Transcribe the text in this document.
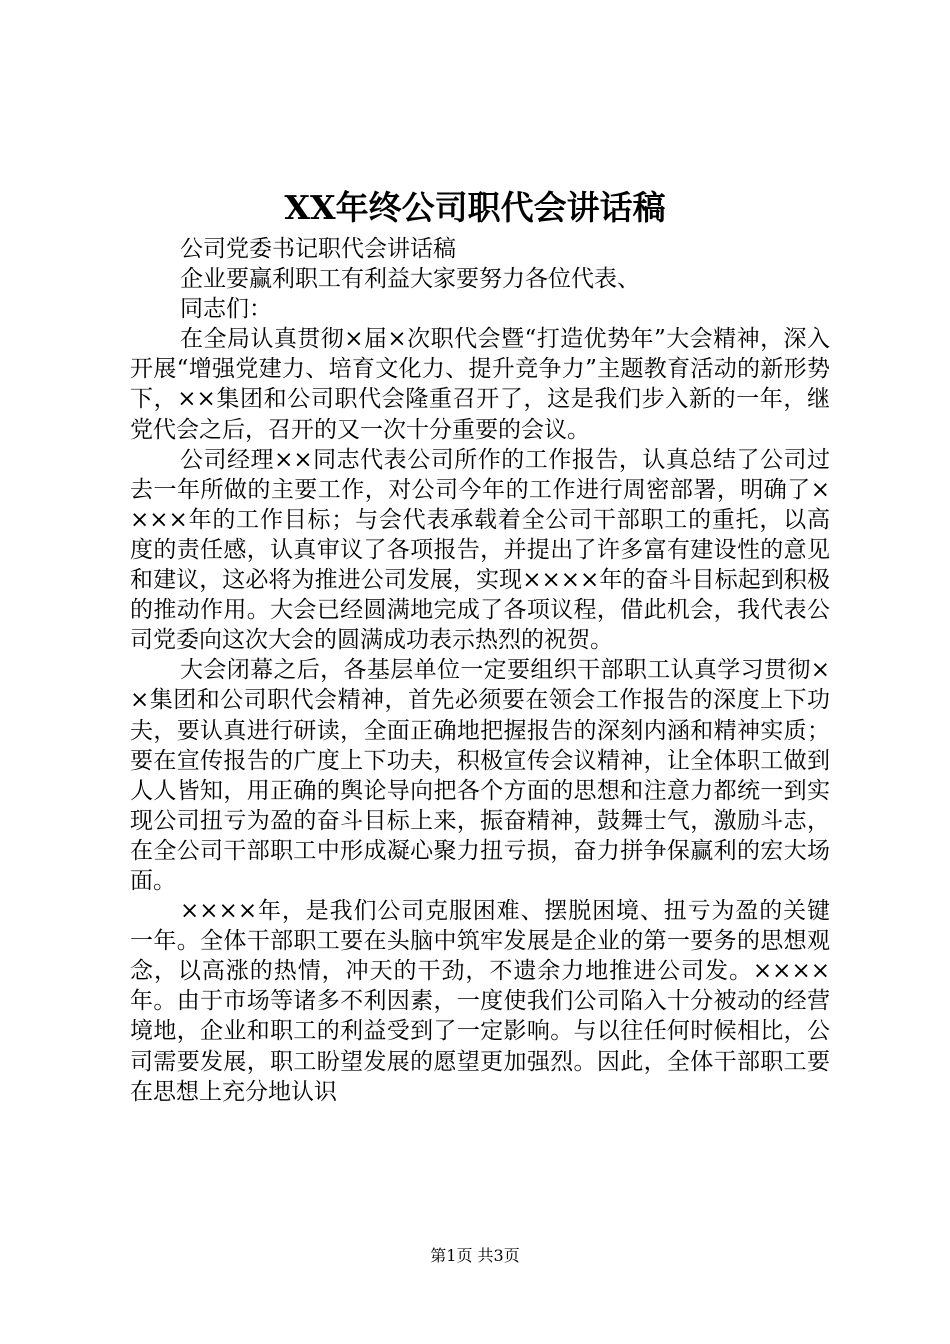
XX年终公司职代会讲话稿

公司党委书记职代会讲话稿

企业要赢利职工有利益大家要努力各位代表、

同志们：

在全局认真贯彻×届×次职代会暨“打造优势年”大会精神，深入开展“增强党建力、培育文化力、提升竞争力”主题教育活动的新形势下，××集团和公司职代会隆重召开了，这是我们步入新的一年，继党代会之后，召开的又一次十分重要的会议。

公司经理××同志代表公司所作的工作报告，认真总结了公司过去一年所做的主要工作，对公司今年的工作进行周密部署，明确了××××年的工作目标；与会代表承载着全公司干部职工的重托，以高度的责任感，认真审议了各项报告，并提出了许多富有建设性的意见和建议，这必将为推进公司发展，实现××××年的奋斗目标起到积极的推动作用。大会已经圆满地完成了各项议程，借此机会，我代表公司党委向这次大会的圆满成功表示热烈的祝贺。

大会闭幕之后，各基层单位一定要组织干部职工认真学习贯彻××集团和公司职代会精神，首先必须要在领会工作报告的深度上下功夫，要认真进行研读，全面正确地把握报告的深刻内涵和精神实质；要在宣传报告的广度上下功夫，积极宣传会议精神，让全体职工做到人人皆知，用正确的舆论导向把各个方面的思想和注意力都统一到实现公司扭亏为盈的奋斗目标上来，振奋精神，鼓舞士气，激励斗志，在全公司干部职工中形成凝心聚力扭亏损，奋力拼争保赢利的宏大场面。

××××年，是我们公司克服困难、摆脱困境、扭亏为盈的关键一年。全体干部职工要在头脑中筑牢发展是企业的第一要务的思想观念，以高涨的热情，冲天的干劲，不遗余力地推进公司发。××××年。由于市场等诸多不利因素，一度使我们公司陷入十分被动的经营境地，企业和职工的利益受到了一定影响。与以往任何时候相比，公司需要发展，职工盼望发展的愿望更加强烈。因此，全体干部职工要在思想上充分地认识

第1页 共3页
